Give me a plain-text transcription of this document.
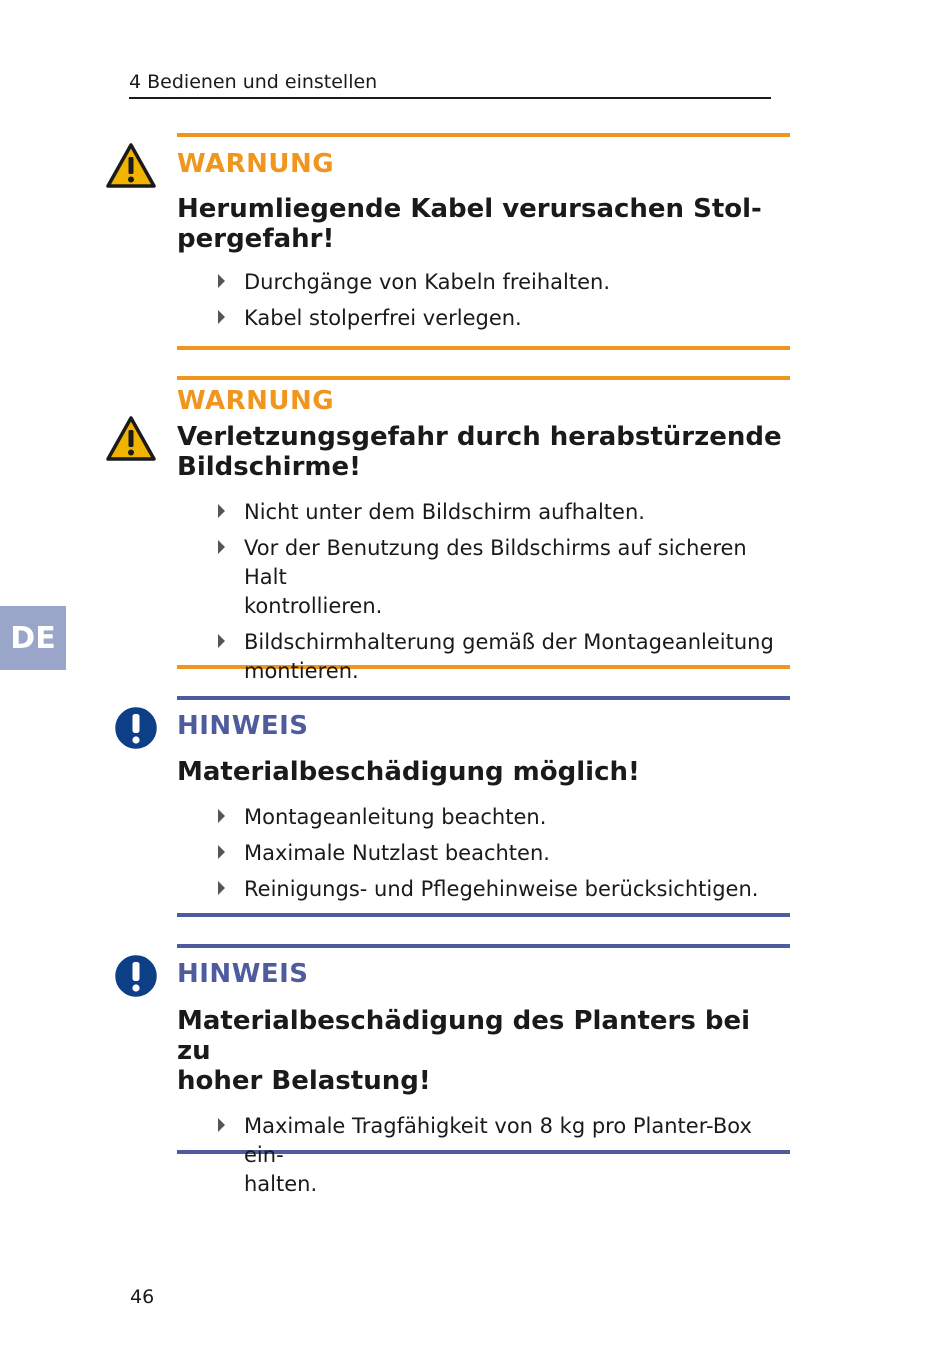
4 Bedienen und einstellen
DE
WARNUNG
Herumliegende Kabel verursachen Stol-
pergefahr!
Durchgänge von Kabeln freihalten.
Kabel stolperfrei verlegen.
WARNUNG
Verletzungsgefahr durch herabstürzende
Bildschirme!
Nicht unter dem Bildschirm aufhalten.
Vor der Benutzung des Bildschirms auf sicheren Halt
kontrollieren.
Bildschirmhalterung gemäß der Montageanleitung
montieren.
HINWEIS
Materialbeschädigung möglich!
Montageanleitung beachten.
Maximale Nutzlast beachten.
Reinigungs- und Pflegehinweise berücksichtigen.
HINWEIS
Materialbeschädigung des Planters bei zu
hoher Belastung!
Maximale Tragfähigkeit von 8 kg pro Planter-Box ein-
halten.
46
